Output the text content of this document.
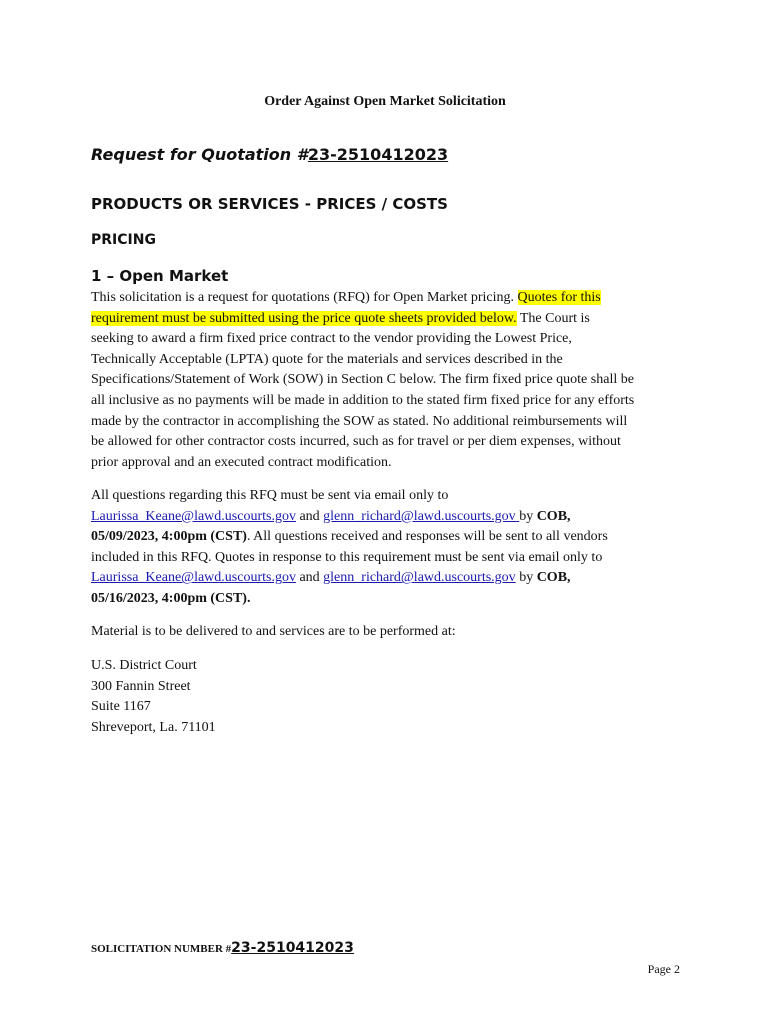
Order Against Open Market Solicitation
Request for Quotation #23-2510412023
PRODUCTS OR SERVICES - PRICES / COSTS
PRICING
1 – Open Market
This solicitation is a request for quotations (RFQ) for Open Market pricing. Quotes for this
requirement must be submitted using the price quote sheets provided below. The Court is
seeking to award a firm fixed price contract to the vendor providing the Lowest Price,
Technically Acceptable (LPTA) quote for the materials and services described in the
Specifications/Statement of Work (SOW) in Section C below. The firm fixed price quote shall be
all inclusive as no payments will be made in addition to the stated firm fixed price for any efforts
made by the contractor in accomplishing the SOW as stated. No additional reimbursements will
be allowed for other contractor costs incurred, such as for travel or per diem expenses, without
prior approval and an executed contract modification.
All questions regarding this RFQ must be sent via email only to
Laurissa_Keane@lawd.uscourts.gov and glenn_richard@lawd.uscourts.gov by COB,
05/09/2023, 4:00pm (CST). All questions received and responses will be sent to all vendors
included in this RFQ. Quotes in response to this requirement must be sent via email only to
Laurissa_Keane@lawd.uscourts.gov and glenn_richard@lawd.uscourts.gov by COB,
05/16/2023, 4:00pm (CST).
Material is to be delivered to and services are to be performed at:
U.S. District Court
300 Fannin Street
Suite 1167
Shreveport, La. 71101
SOLICITATION NUMBER #23-2510412023
Page 2
